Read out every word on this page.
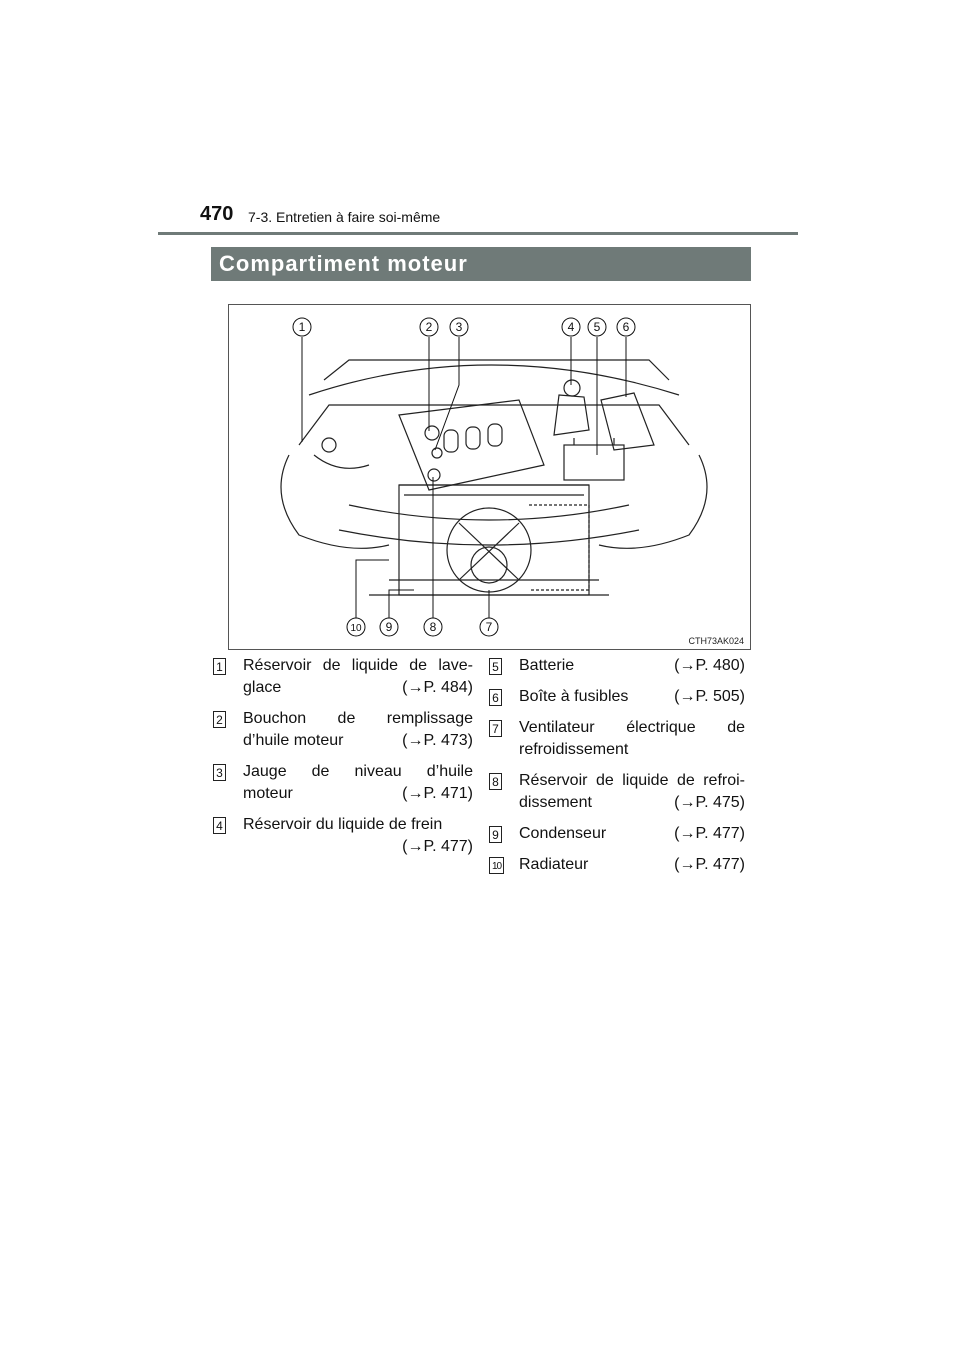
470 7-3. Entretien à faire soi-même
Compartiment moteur
1	2 3	4 5 6
7
8
9
10
CTH73AK024
1 Réservoir de liquide de lave-
glace	(→P. 484)
2 Bouchon de remplissage
d’huile moteur	(→P. 473)
3 Jauge de niveau d’huile
moteur	(→P. 471)
4 Réservoir du liquide de frein
(→P. 477)
5 Batterie	(→P. 480)
6 Boîte à fusibles	(→P. 505)
7 Ventilateur électrique de
refroidissement
8 Réservoir de liquide de refroi-
dissement	(→P. 475)
9 Condenseur	(→P. 477)
10 Radiateur	(→P. 477)
